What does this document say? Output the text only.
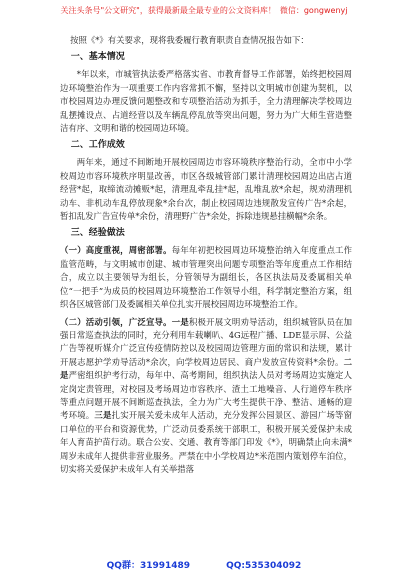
关注头条号"公文研究"，获得最新最全最专业的公文资料库！ 微信：gongwenyj

按照《*》有关要求，现将我委履行教育职责自查情况报告如下：

一、基本情况

*年以来，市城管执法委严格落实省、市教育督导工作部署，始终把校园周边环境整治作为一项重要工作内容常抓不懈，坚持以文明城市创建为契机，以市校园周边办理反馈问题整改和专项整治活动为抓手，全力清理解决学校周边乱摆摊设点、占道经营以及车辆乱停乱放等突出问题，努力为广大师生营造整洁有序、文明和谐的校园周边环境。

二、工作成效

两年来，通过不间断地开展校园周边市容环境秩序整治行动，全市中小学校周边市容环境秩序明显改善，市区各级城管部门累计清理校园周边出店占道经营*起，取缔流动摊贩*起，清理乱牵乱挂*起，乱堆乱放*余起，规劝清理机动车、非机动车乱停放现象*余台次，制止校园周边违规散发宣传广告*余起，暂扣乱发广告宣传单*余份，清理野广告*余处，拆除违规悬挂横幅*余条。

三、经验做法

（一）高度重视，周密部署。每年年初把校园周边环境整治纳入年度重点工作监管范畴，与文明城市创建、城市管理突出问题专项整治等年度重点工作相结合，成立以主要领导为组长，分管领导为副组长，各区执法局及委属相关单位“一把手”为成员的校园周边环境整治工作领导小组，科学制定整治方案，组织各区城管部门及委属相关单位扎实开展校园周边环境整治工作。

（二）活动引领，广泛宣导。一是积极开展文明劝导活动，组织城管队员在加强日常巡查执法的同时，充分利用车载喇叭、4G远程广播、LDE显示屏、公益广告等视听媒介广泛宣传疫情防控以及校园周边管理方面的常识和法规，累计开展志愿护学劝导活动*余次，向学校周边居民、商户发放宣传资料*余份。二是严密组织护考行动，每年中、高考期间，组织执法人员对考场周边实施定人定岗定责管理，对校园及考场周边市容秩序、渣土工地噪音、人行道停车秩序等重点问题开展不间断巡查执法，全力为广大考生提供干净、整洁、通畅的迎考环境。三是扎实开展关爱未成年人活动，充分发挥公园景区、游园广场等窗口单位的平台和资源优势，广泛动员委系统干部职工，积极开展关爱保护未成年人育苗护苗行动。联合公安、交通、教育等部门印发《*》，明确禁止向未满*周岁未成年人提供非营业服务。严禁在中小学校周边*米范围内策划停车泊位，切实将关爱保护未成年人有关举措落

QQ群：31991489	QQ:535304092
